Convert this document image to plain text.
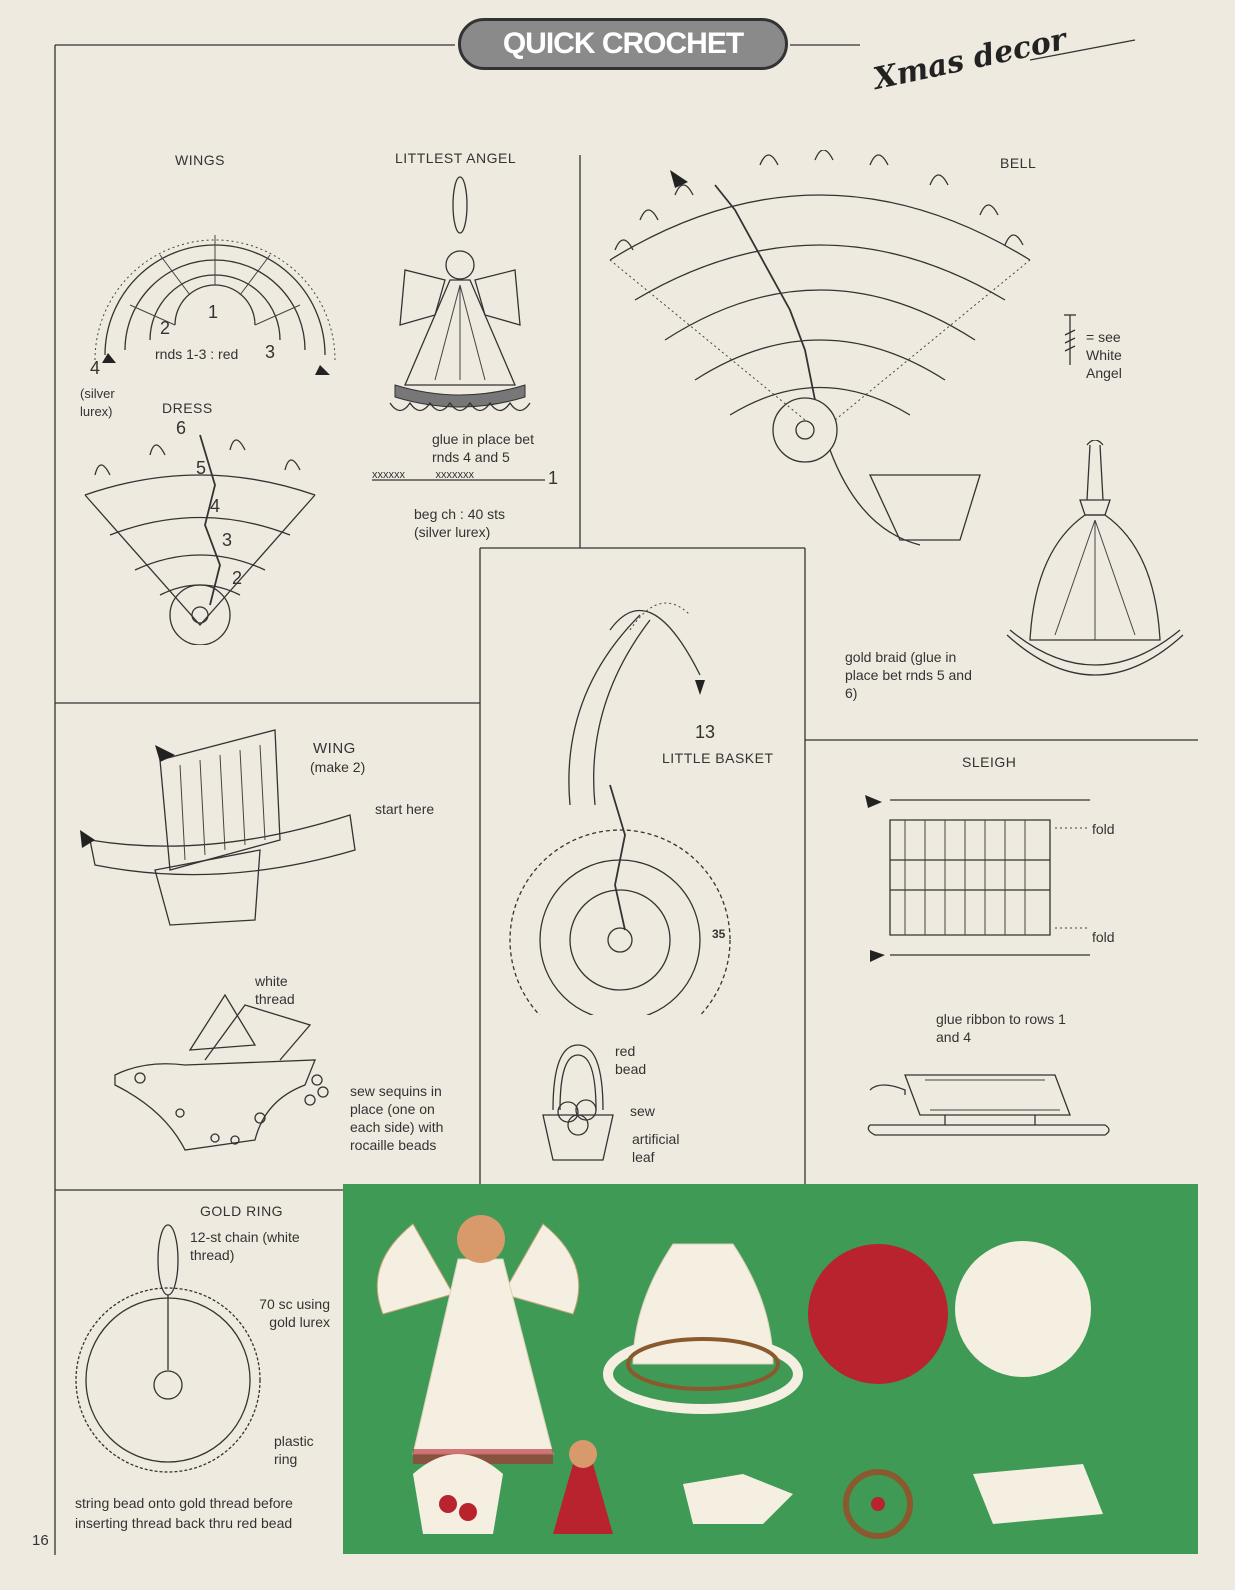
QUICK CROCHET	Xmas decor
WINGS
1
2
3
4
rnds 1-3 : red
(silver lurex)	DRESS
6
5
4
3
2
LITTLEST ANGEL
glue in place bet rnds 4 and 5
xxxxxx          xxxxxxx	1
beg ch : 40 sts (silver lurex)
BELL
= see White Angel
gold braid (glue in place bet rnds 5 and 6)
WING
(make 2)
start here
white thread
sew sequins in place (one on each side) with rocaille beads
13
LITTLE BASKET
35
red bead
sew
artificial leaf
SLEIGH
fold
fold
glue ribbon to rows 1 and 4
GOLD RING
12-st chain (white thread)
70 sc using gold lurex
plastic ring
string bead onto gold thread before inserting thread back thru red bead
16
